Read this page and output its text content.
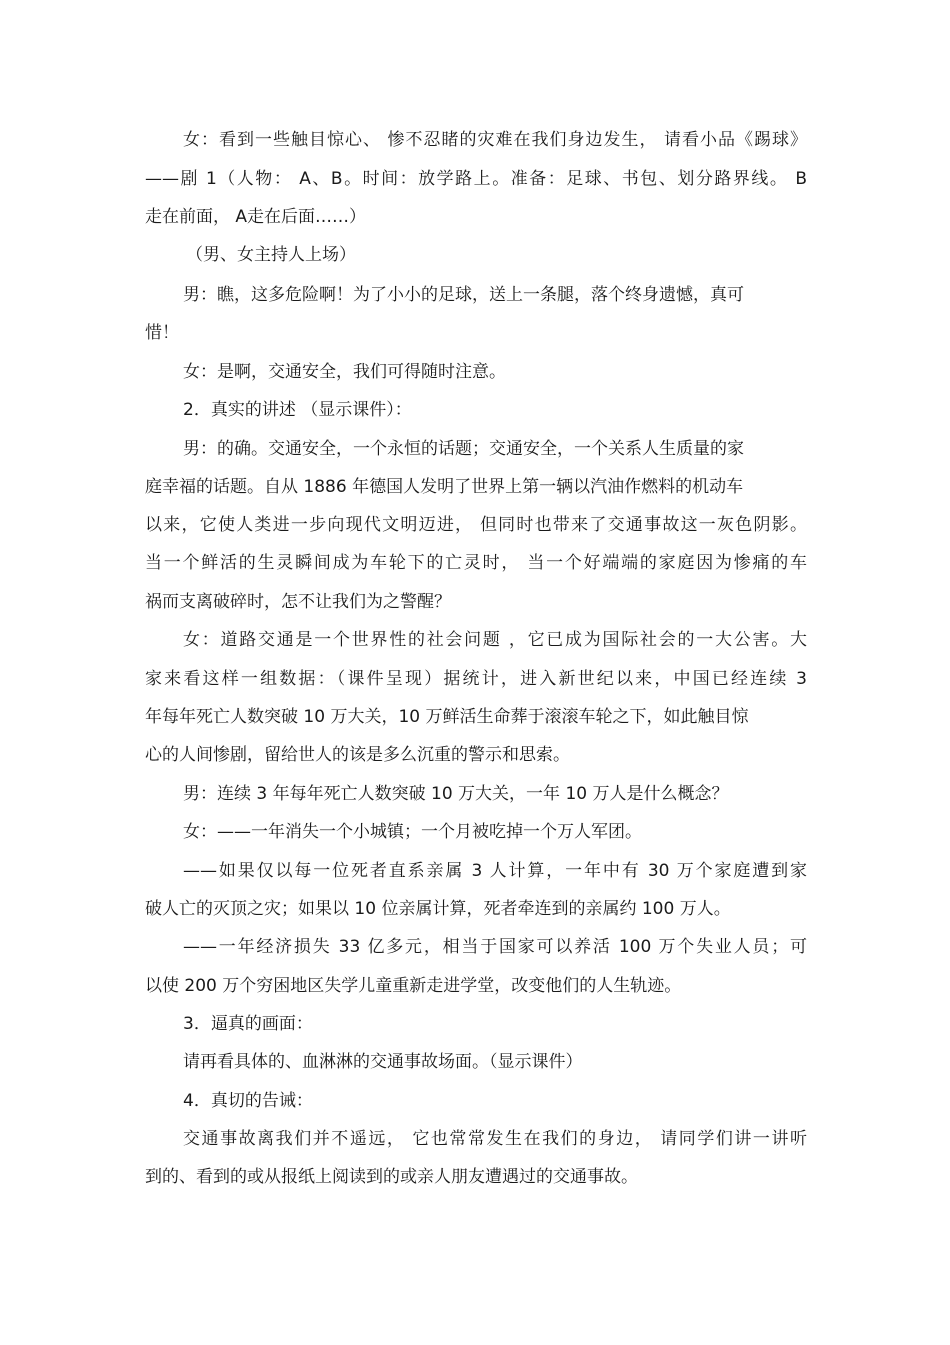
女：看到一些触目惊心、 惨不忍睹的灾难在我们身边发生， 请看小品《踢球》
——剧 1（人物： A、B。时间：放学路上。准备：足球、书包、划分路界线。 B
走在前面， A走在后面……）
（男、女主持人上场）
男：瞧，这多危险啊！为了小小的足球，送上一条腿，落个终身遗憾，真可
惜！
女：是啊，交通安全，我们可得随时注意。
2．真实的讲述 （显示课件）：
男：的确。交通安全，一个永恒的话题；交通安全，一个关系人生质量的家
庭幸福的话题。自从 1886 年德国人发明了世界上第一辆以汽油作燃料的机动车
以来，它使人类进一步向现代文明迈进， 但同时也带来了交通事故这一灰色阴影。
当一个鲜活的生灵瞬间成为车轮下的亡灵时， 当一个好端端的家庭因为惨痛的车
祸而支离破碎时，怎不让我们为之警醒？
女：道路交通是一个世界性的社会问题 ，它已成为国际社会的一大公害。大
家来看这样一组数据：（课件呈现）据统计，进入新世纪以来，中国已经连续 3
年每年死亡人数突破 10 万大关，10 万鲜活生命葬于滚滚车轮之下，如此触目惊
心的人间惨剧，留给世人的该是多么沉重的警示和思索。
男：连续 3 年每年死亡人数突破 10 万大关，一年 10 万人是什么概念？
女：——一年消失一个小城镇；一个月被吃掉一个万人军团。
——如果仅以每一位死者直系亲属 3 人计算，一年中有 30 万个家庭遭到家
破人亡的灭顶之灾；如果以 10 位亲属计算，死者牵连到的亲属约 100 万人。
——一年经济损失 33 亿多元，相当于国家可以养活 100 万个失业人员；可
以使 200 万个穷困地区失学儿童重新走进学堂，改变他们的人生轨迹。
3．逼真的画面：
请再看具体的、血淋淋的交通事故场面。（显示课件）
4．真切的告诫：
交通事故离我们并不遥远， 它也常常发生在我们的身边， 请同学们讲一讲听
到的、看到的或从报纸上阅读到的或亲人朋友遭遇过的交通事故。
